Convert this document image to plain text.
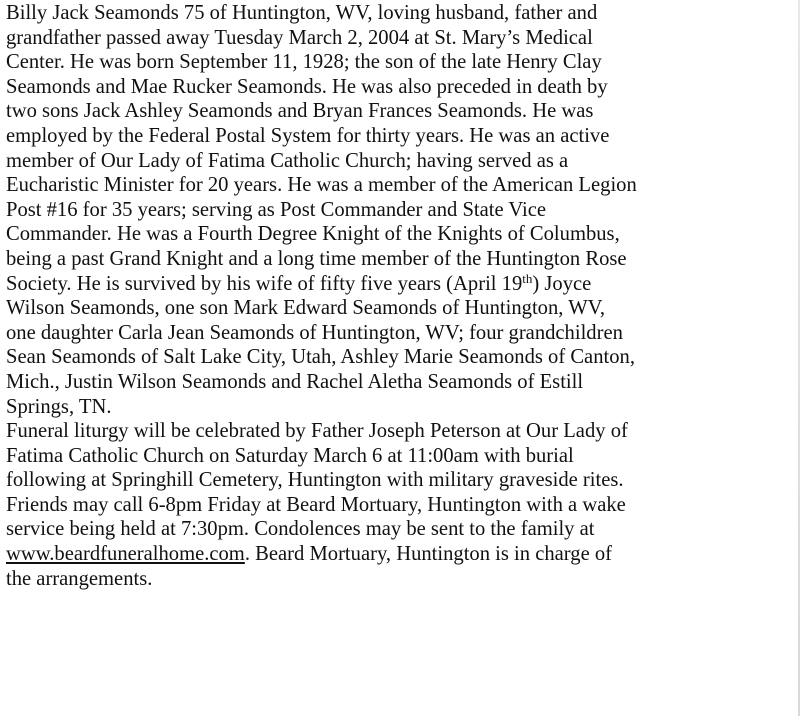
Billy Jack Seamonds 75 of Huntington, WV, loving husband, father and
grandfather passed away Tuesday March 2, 2004 at St. Mary’s Medical
Center. He was born September 11, 1928; the son of the late Henry Clay
Seamonds and Mae Rucker Seamonds. He was also preceded in death by
two sons Jack Ashley Seamonds and Bryan Frances Seamonds. He was
employed by the Federal Postal System for thirty years. He was an active
member of Our Lady of Fatima Catholic Church; having served as a
Eucharistic Minister for 20 years. He was a member of the American Legion
Post #16 for 35 years; serving as Post Commander and State Vice
Commander. He was a Fourth Degree Knight of the Knights of Columbus,
being a past Grand Knight and a long time member of the Huntington Rose
Society. He is survived by his wife of fifty five years (April 19th) Joyce
Wilson Seamonds, one son Mark Edward Seamonds of Huntington, WV,
one daughter Carla Jean Seamonds of Huntington, WV; four grandchildren
Sean Seamonds of Salt Lake City, Utah, Ashley Marie Seamonds of Canton,
Mich., Justin Wilson Seamonds and Rachel Aletha Seamonds of Estill
Springs, TN.
Funeral liturgy will be celebrated by Father Joseph Peterson at Our Lady of
Fatima Catholic Church on Saturday March 6 at 11:00am with burial
following at Springhill Cemetery, Huntington with military graveside rites.
Friends may call 6-8pm Friday at Beard Mortuary, Huntington with a wake
service being held at 7:30pm. Condolences may be sent to the family at
www.beardfuneralhome.com. Beard Mortuary, Huntington is in charge of
the arrangements.
